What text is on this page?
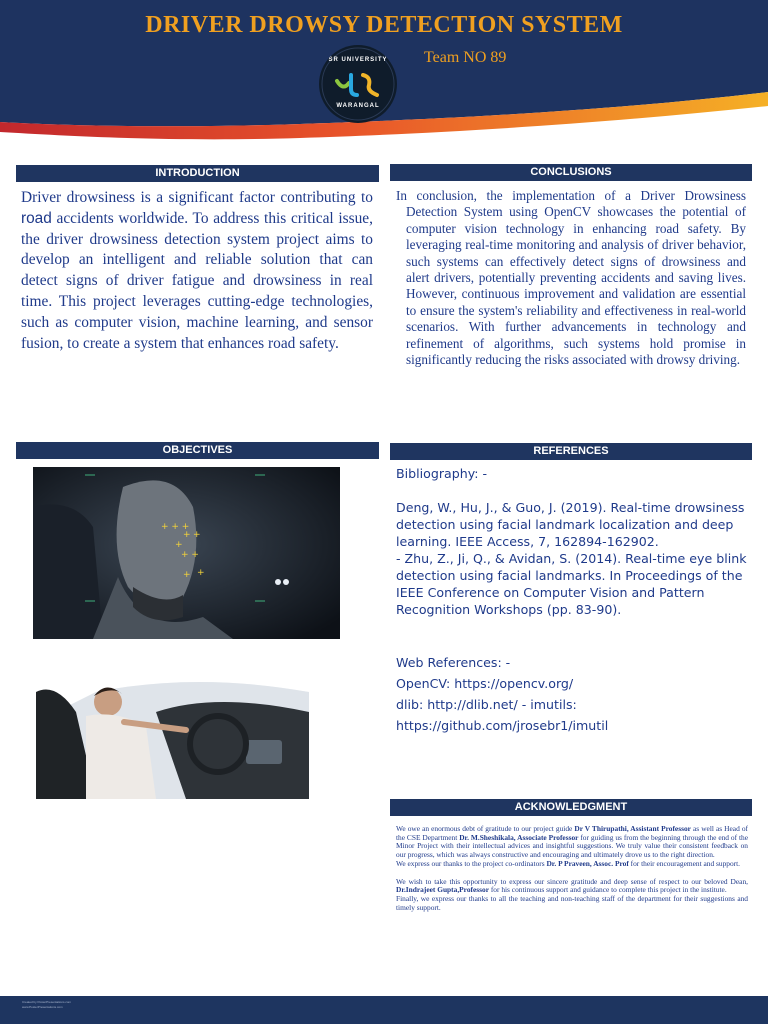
DRIVER DROWSY DETECTION SYSTEM
Team NO 89
SR UNIVERSITY
WARANGAL
INTRODUCTION
Driver drowsiness is a significant factor contributing to road accidents worldwide. To address this critical issue, the driver drowsiness detection system project aims to develop an intelligent and reliable solution that can detect signs of driver fatigue and drowsiness in real time. This project leverages cutting-edge technologies, such as computer vision, machine learning, and sensor fusion, to create a system that enhances road safety.
CONCLUSIONS
In conclusion, the implementation of a Driver Drowsiness Detection System using OpenCV showcases the potential of computer vision technology in enhancing road safety. By leveraging real-time monitoring and analysis of driver behavior, such systems can effectively detect signs of drowsiness and alert drivers, potentially preventing accidents and saving lives. However, continuous improvement and validation are essential to ensure the system's reliability and effectiveness in real-world scenarios. With further advancements in technology and refinement of algorithms, such systems hold promise in significantly reducing the risks associated with drowsy driving.
OBJECTIVES
+ + +
+ +
+
+ +
+ +
REFERENCES

Bibliography: -

Deng, W., Hu, J., & Guo, J. (2019). Real-time drowsiness detection using facial landmark localization and deep learning. IEEE Access, 7, 162894-162902.

- Zhu, Z., Ji, Q., & Avidan, S. (2014). Real-time eye blink detection using facial landmarks. In Proceedings of the IEEE Conference on Computer Vision and Pattern Recognition Workshops (pp. 83-90).

Web References: -

OpenCV: https://opencv.org/

dlib: http://dlib.net/ - imutils:

https://github.com/jrosebr1/imutil

ACKNOWLEDGMENT

We owe an enormous debt of gratitude to our project guide Dr V Thirupathi, Assistant Professor as well as Head of the CSE Department Dr. M.Sheshikala, Associate Professor for guiding us from the beginning through the end of the Minor Project with their intellectual advices and insightful suggestions. We truly value their consistent feedback on our progress, which was always constructive and encouraging and ultimately drove us to the right direction.

We express our thanks to the project co-ordinators Dr. P Praveen, Assoc. Prof for their encouragement and support.

We wish to take this opportunity to express our sincere gratitude and deep sense of respect to our beloved Dean, Dr.Indrajeet Gupta,Professor for his continuous support and guidance to complete this project in the institute.

Finally, we express our thanks to all the teaching and non-teaching staff of the department for their suggestions and timely support.

Created by PosterPresentations.com
www.PosterPresentations.com
